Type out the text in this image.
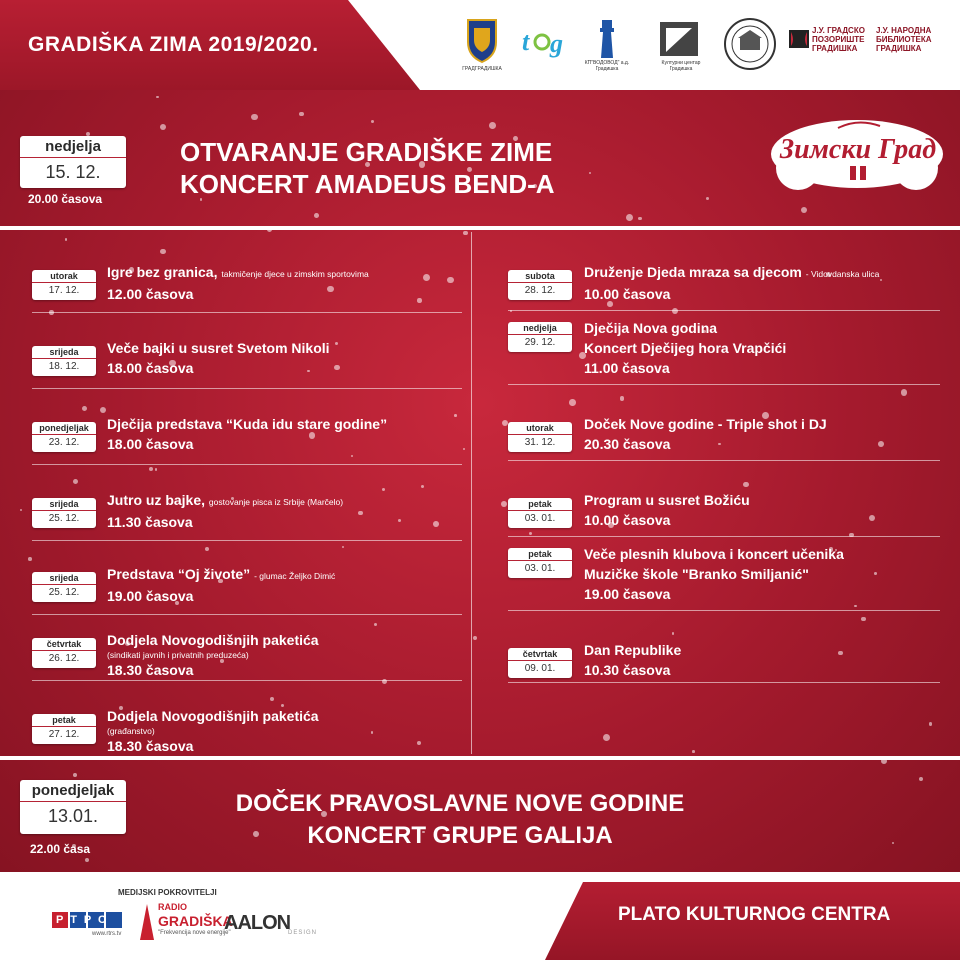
GRADIŠKA ZIMA 2019/2020.
ГРАДГРАДИШКА
t g
КП"ВОДОВОД" а.д. Градишка
Културни центар Градишка
Ј.У. ГРАДСКО ПОЗОРИШТЕ ГРАДИШКА
Ј.У. НАРОДНА БИБЛИОТЕКА ГРАДИШКА
nedjelja
15. 12.
20.00 časova
OTVARANJE GRADIŠKE ZIME
KONCERT AMADEUS BEND-A
Зимски Град
utorak
17. 12.
Igre bez granica, takmičenje djece u zimskim sportovima
12.00 časova
srijeda
18. 12.
Veče bajki u susret Svetom Nikoli
18.00 časova
ponedjeljak
23. 12.
Dječija predstava “Kuda idu stare godine”
18.00 časova
srijeda
25. 12.
Jutro uz bajke, gostovanje pisca iz Srbije (Marčelo)
11.30 časova
srijeda
25. 12.
Predstava “Oj živote” - glumac Željko Dimić
19.00 časova
četvrtak
26. 12.
Dodjela Novogodišnjih paketića
(sindikati javnih i privatnih preduzeća)
18.30 časova
petak
27. 12.
Dodjela Novogodišnjih paketića
(građanstvo)
18.30 časova
subota
28. 12.
Druženje Djeda mraza sa djecom - Vidovdanska ulica
10.00 časova
nedjelja
29. 12.
Dječija Nova godina
Koncert Dječijeg hora Vrapčići
11.00 časova
utorak
31. 12.
Doček Nove godine - Triple shot i DJ
20.30 časova
petak
03. 01.
Program u susret Božiću
10.00 časova
petak
03. 01.
Veče plesnih klubova i koncert učenika
Muzičke škole "Branko Smiljanić"
19.00 časova
četvrtak
09. 01.
Dan Republike
10.30 časova
ponedjeljak
13.01.
22.00 časa
DOČEK PRAVOSLAVNE NOVE GODINE
KONCERT GRUPE GALIJA
PLATO KULTURNOG CENTRA
MEDIJSKI POKROVITELJI
РТРС
www.rtrs.tv
RADIO
GRADIŠKA
"Frekvencija nove energije"
AALON
DESIGN
